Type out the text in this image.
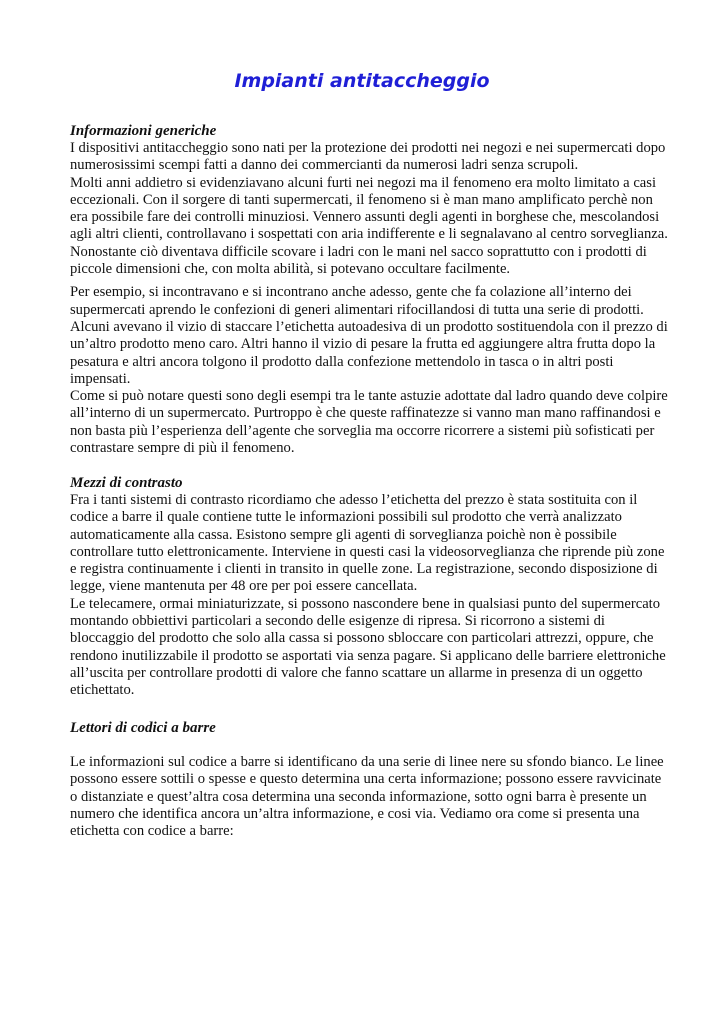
Impianti antitaccheggio
Informazioni generiche

I dispositivi antitaccheggio sono nati per la protezione dei prodotti nei negozi e nei supermercati dopo numerosissimi scempi fatti a danno dei commercianti da numerosi ladri senza scrupoli.

Molti anni addietro si evidenziavano alcuni furti nei negozi ma il fenomeno era molto limitato a casi eccezionali. Con il sorgere di tanti supermercati, il fenomeno si è man mano amplificato perchè non era possibile fare dei controlli minuziosi. Vennero assunti degli agenti in borghese che, mescolandosi agli altri clienti, controllavano i sospettati con aria indifferente e li segnalavano al centro sorveglianza. Nonostante ciò diventava difficile scovare i ladri con le mani nel sacco soprattutto con i prodotti di piccole dimensioni che, con molta abilità, si potevano occultare facilmente.

Per esempio, si incontravano e si incontrano anche adesso, gente che fa colazione all’interno dei supermercati aprendo le confezioni di generi alimentari rifocillandosi di tutta una serie di prodotti. Alcuni avevano il vizio di staccare l’etichetta autoadesiva di un prodotto sostituendola con il prezzo di un’altro prodotto meno caro. Altri hanno il vizio di pesare la frutta ed aggiungere altra frutta dopo la pesatura e altri ancora tolgono il prodotto dalla confezione mettendolo in tasca o in altri posti impensati.

Come si può notare questi sono degli esempi tra le tante astuzie adottate dal ladro quando deve colpire all’interno di un supermercato. Purtroppo è che queste raffinatezze si vanno man mano raffinandosi e non basta più l’esperienza dell’agente che sorveglia ma occorre ricorrere a sistemi più sofisticati per contrastare sempre di più il fenomeno.

Mezzi di contrasto

Fra i tanti sistemi di contrasto ricordiamo che adesso l’etichetta del prezzo è stata sostituita con il codice a barre il quale contiene tutte le informazioni possibili sul prodotto che verrà analizzato automaticamente alla cassa. Esistono sempre gli agenti di sorveglianza poichè non è possibile controllare tutto elettronicamente. Interviene in questi casi la videosorveglianza che riprende più zone e registra continuamente i clienti in transito in quelle zone. La registrazione, secondo disposizione di legge, viene mantenuta per 48 ore per poi essere cancellata.

Le telecamere, ormai miniaturizzate, si possono nascondere bene in qualsiasi punto del supermercato montando obbiettivi particolari a secondo delle esigenze di ripresa. Si ricorrono a sistemi di bloccaggio del prodotto che solo alla cassa si possono sbloccare con particolari attrezzi, oppure, che rendono inutilizzabile il prodotto se asportati via senza pagare. Si applicano delle barriere elettroniche all’uscita per controllare prodotti di valore che fanno scattare un allarme in presenza di un oggetto etichettato.

Lettori di codici a barre

Le informazioni sul codice a barre si identificano da una serie di linee nere su sfondo bianco. Le linee possono essere sottili o spesse e questo determina una certa informazione; possono essere ravvicinate o distanziate e quest’altra cosa determina una seconda informazione, sotto ogni barra è presente un numero che identifica ancora un’altra informazione, e cosi via. Vediamo ora come si presenta una etichetta con codice a barre:
